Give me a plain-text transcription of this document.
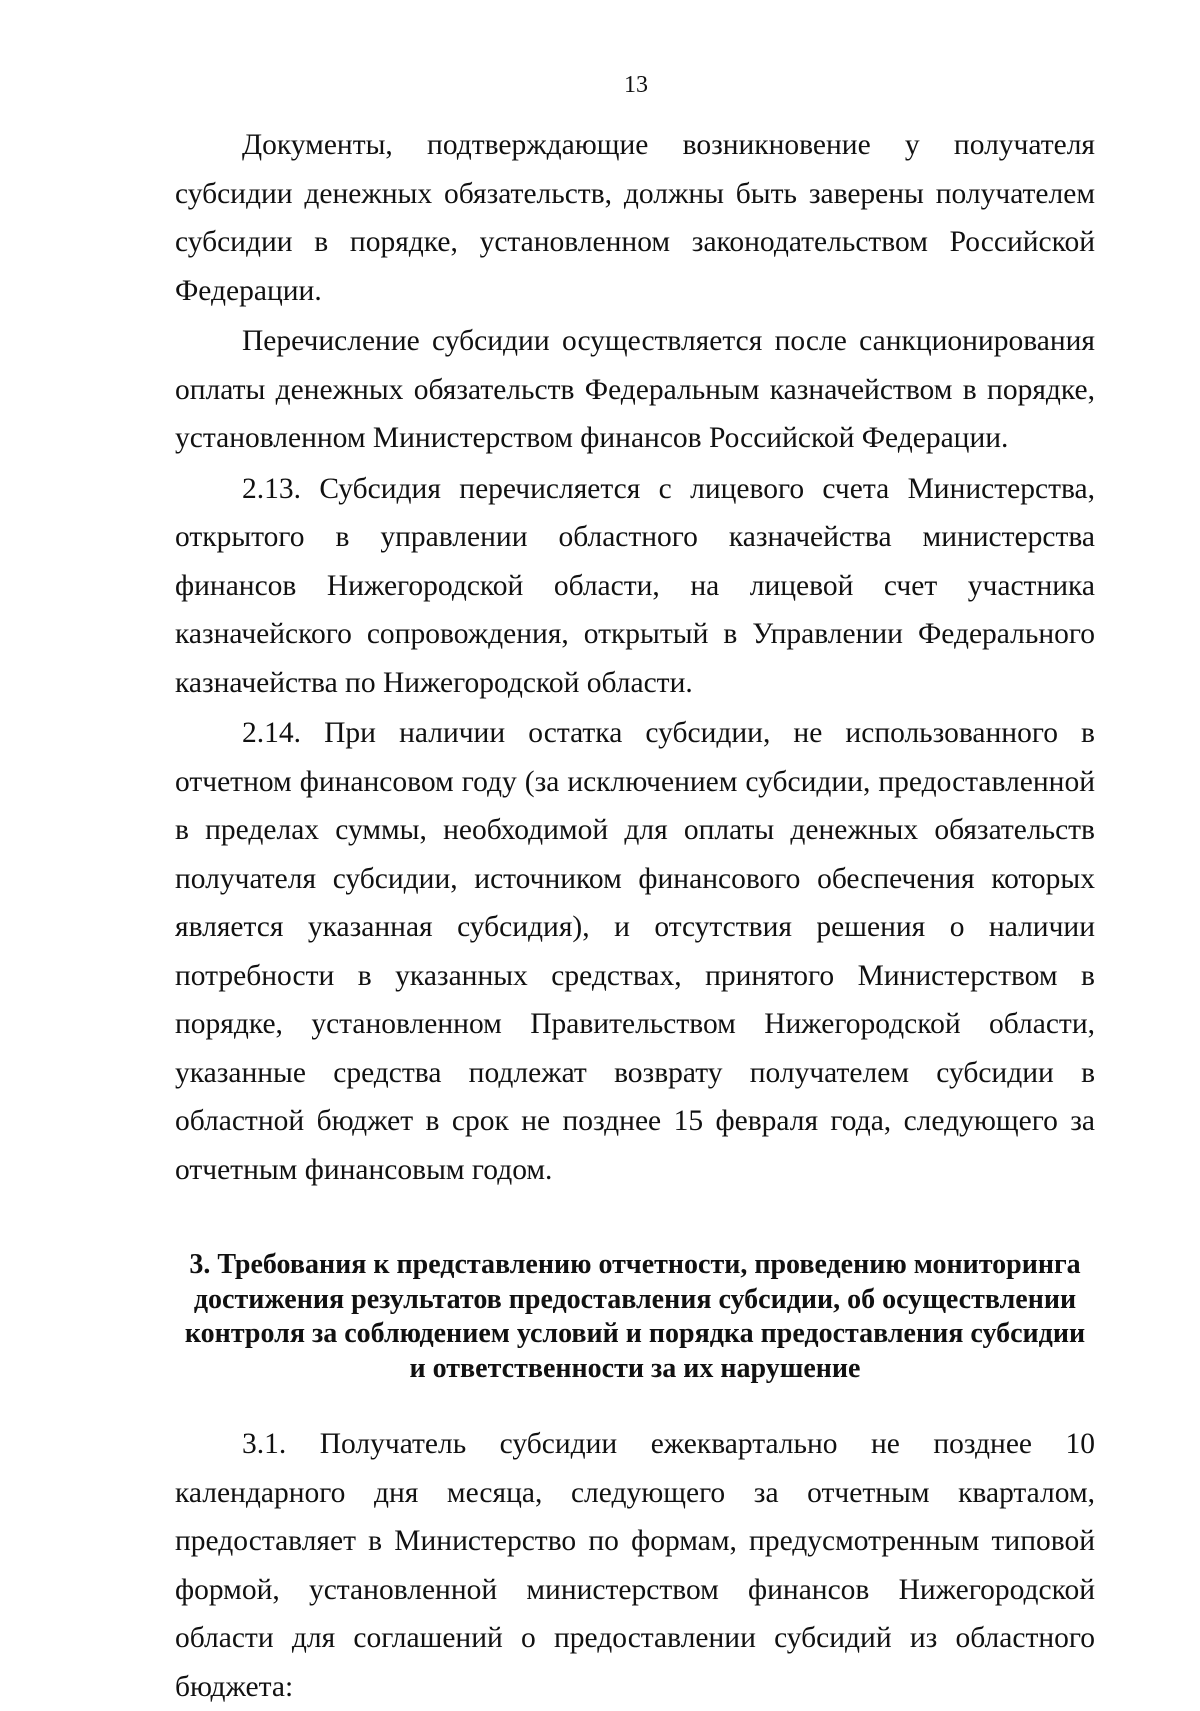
13

Документы, подтверждающие возникновение у получателя субсидии денежных обязательств, должны быть заверены получателем субсидии в порядке, установленном законодательством Российской Федерации.

Перечисление субсидии осуществляется после санкционирования оплаты денежных обязательств Федеральным казначейством в порядке, установленном Министерством финансов Российской Федерации.

2.13. Субсидия перечисляется с лицевого счета Министерства, открытого в управлении областного казначейства министерства финансов Нижегородской области, на лицевой счет участника казначейского сопровождения, открытый в Управлении Федерального казначейства по Нижегородской области.

2.14. При наличии остатка субсидии, не использованного в отчетном финансовом году (за исключением субсидии, предоставленной в пределах суммы, необходимой для оплаты денежных обязательств получателя субсидии, источником финансового обеспечения которых является указанная субсидия), и отсутствия решения о наличии потребности в указанных средствах, принятого Министерством в порядке, установленном Правительством Нижегородской области, указанные средства подлежат возврату получателем субсидии в областной бюджет в срок не позднее 15 февраля года, следующего за отчетным финансовым годом.

3. Требования к представлению отчетности, проведению мониторинга
достижения результатов предоставления субсидии, об осуществлении
контроля за соблюдением условий и порядка предоставления субсидии
и ответственности за их нарушение

3.1. Получатель субсидии ежеквартально не позднее 10 календарного дня месяца, следующего за отчетным кварталом, предоставляет в Министерство по формам, предусмотренным типовой формой, установленной министерством финансов Нижегородской области для соглашений о предоставлении субсидий из областного бюджета:
